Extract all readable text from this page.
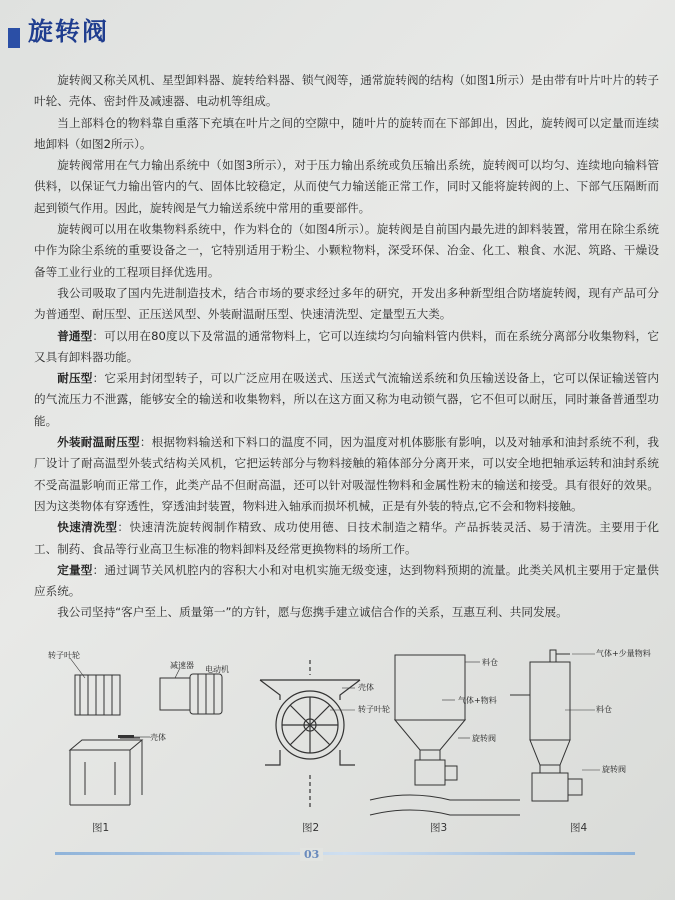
旋转阀

旋转阀又称关风机、星型卸料器、旋转给料器、锁气阀等，通常旋转阀的结构（如图1所示）是由带有叶片叶片的转子叶轮、壳体、密封件及减速器、电动机等组成。

当上部料仓的物料靠自重落下充填在叶片之间的空隙中，随叶片的旋转而在下部卸出，因此，旋转阀可以定量而连续地卸料（如图2所示）。

旋转阀常用在气力输出系统中（如图3所示），对于压力输出系统或负压输出系统，旋转阀可以均匀、连续地向输料管供料，以保证气力输出管内的气、固体比较稳定，从而使气力输送能正常工作，同时又能将旋转阀的上、下部气压隔断而起到锁气作用。因此，旋转阀是气力输送系统中常用的重要部件。

旋转阀可以用在收集物料系统中，作为料仓的（如图4所示）。旋转阀是自前国内最先进的卸料装置，常用在除尘系统中作为除尘系统的重要设备之一，它特别适用于粉尘、小颗粒物料，深受环保、冶金、化工、粮食、水泥、筑路、干燥设备等工业行业的工程项目择优选用。

我公司吸取了国内先进制造技术，结合市场的要求经过多年的研究，开发出多种新型组合防堵旋转阀，现有产品可分为普通型、耐压型、正压送风型、外装耐温耐压型、快速清洗型、定量型五大类。

普通型：可以用在80度以下及常温的通常物料上，它可以连续均匀向输料管内供料，而在系统分离部分收集物料，它又具有卸料器功能。

耐压型：它采用封闭型转子，可以广泛应用在吸送式、压送式气流输送系统和负压输送设备上，它可以保证输送管内的气流压力不泄露，能够安全的输送和收集物料，所以在这方面又称为电动锁气器，它不但可以耐压，同时兼备普通型功能。

外装耐温耐压型：根据物料输送和下料口的温度不同，因为温度对机体膨胀有影响，以及对轴承和油封系统不利，我厂设计了耐高温型外装式结构关风机，它把运转部分与物料接触的箱体部分分离开来，可以安全地把轴承运转和油封系统不受高温影响而正常工作，此类产品不但耐高温，还可以针对吸湿性物料和金属性粉末的输送和接受。具有很好的效果。因为这类物体有穿透性，穿透油封装置，物料进入轴承而损坏机械，正是有外装的特点,它不会和物料接触。

快速清洗型：快速清洗旋转阀制作精致、成功使用德、日技术制造之精华。产品拆装灵活、易于清洗。主要用于化工、制药、食品等行业高卫生标准的物料卸料及经常更换物料的场所工作。

定量型：通过调节关风机腔内的容积大小和对电机实施无级变速，达到物料预期的流量。此类关风机主要用于定量供应系统。

我公司坚持“客户至上、质量第一”的方针，愿与您携手建立诚信合作的关系，互惠互利、共同发展。

转子叶轮
减速器 电动机
壳体
图1
壳体
转子叶轮
图2
料仓
气体+物料
旋转阀
图3
气体+少量物料
料仓
旋转阀
图4
03
